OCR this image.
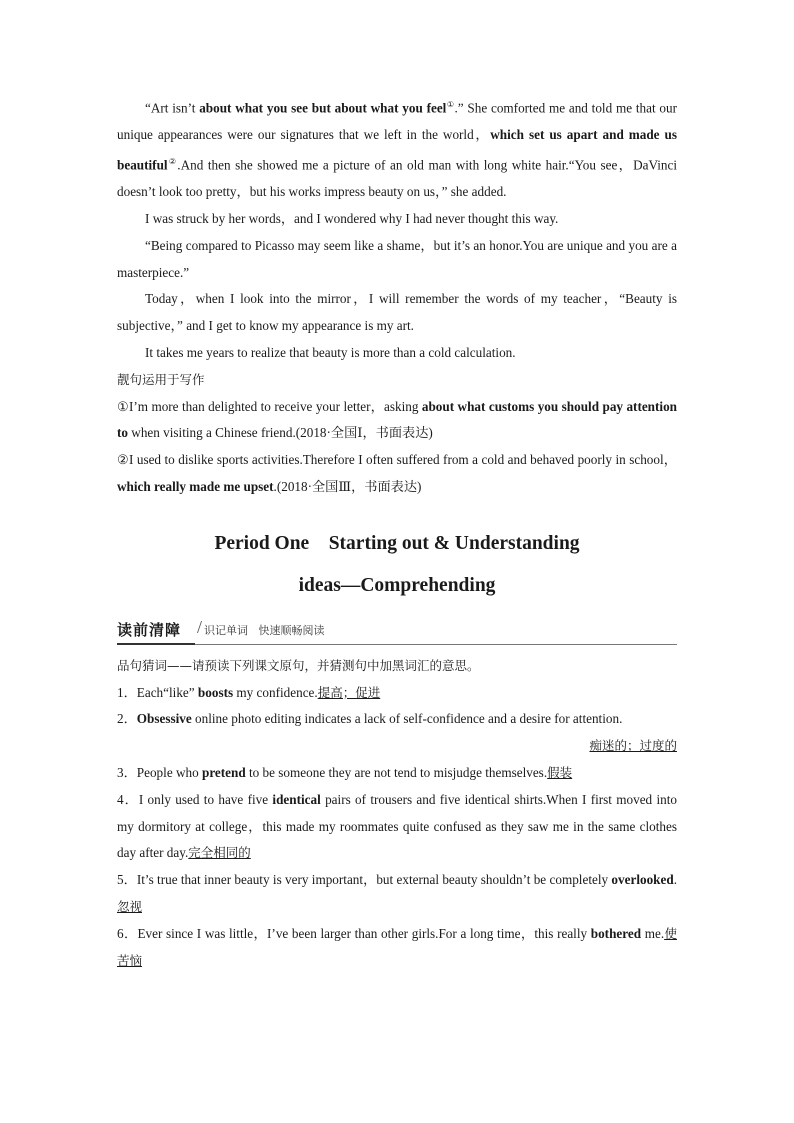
“Art isn’t about what you see but about what you feel①.” She comforted me and told me that our unique appearances were our signatures that we left in the world，which set us apart and made us beautiful②.And then she showed me a picture of an old man with long white hair.“You see，DaVinci doesn’t look too pretty，but his works impress beauty on us，” she added.

I was struck by her words，and I wondered why I had never thought this way.

“Being compared to Picasso may seem like a shame，but it’s an honor.You are unique and you are a masterpiece.”

Today，when I look into the mirror，I will remember the words of my teacher，“Beauty is subjective，” and I get to know my appearance is my art.

It takes me years to realize that beauty is more than a cold calculation.

靓句运用于写作

①I’m more than delighted to receive your letter，asking about what customs you should pay attention to when visiting a Chinese friend.(2018·全国Ⅰ，书面表达)

②I used to dislike sports activities.Therefore I often suffered from a cold and behaved poorly in school，which really made me upset.(2018·全国Ⅲ，书面表达)

Period One    Starting out & Understanding

ideas—Comprehending

读前清障 / 识记单词   快速顺畅阅读

品句猜词——请预读下列课文原句，并猜测句中加黑词汇的意思。

1．Each“like” boosts my confidence.提高；促进

2．Obsessive online photo editing indicates a lack of self-confidence and a desire for attention.

痴迷的；过度的

3．People who pretend to be someone they are not tend to misjudge themselves.假装

4．I only used to have five identical pairs of trousers and five identical shirts.When I first moved into my dormitory at college，this made my roommates quite confused as they saw me in the same clothes day after day.完全相同的

5．It’s true that inner beauty is very important，but external beauty shouldn’t be completely overlooked.忽视

6．Ever since I was little，I’ve been larger than other girls.For a long time，this really bothered me.使苦恼
